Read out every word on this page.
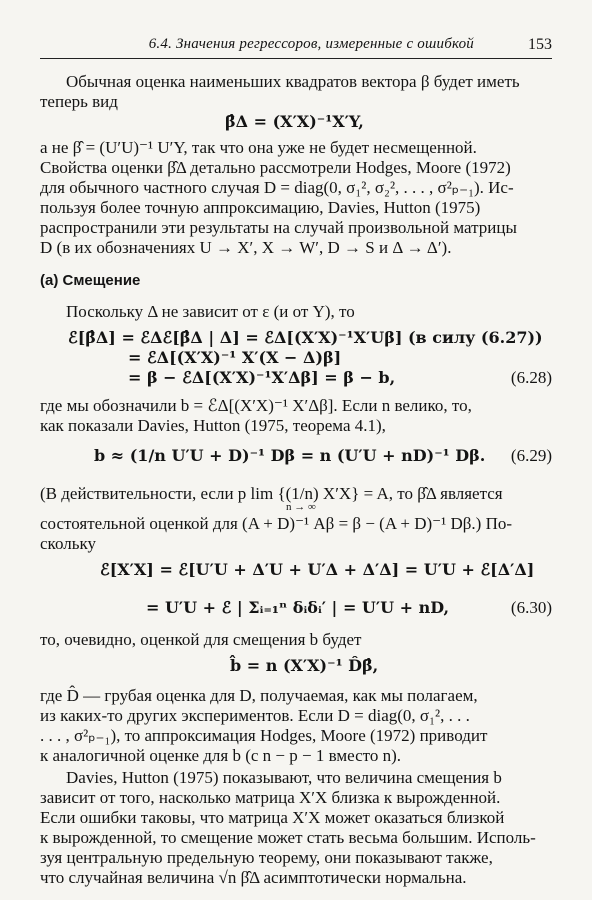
6.4. Значения регрессоров, измеренные с ошибкой	153
Обычная оценка наименьших квадратов вектора β будет иметь
теперь вид
β̂Δ = (X′X)⁻¹X′Y,
а не β̂ = (U′U)⁻¹ U′Y, так что она уже не будет несмещенной.
Свойства оценки β̂Δ детально рассмотрели Hodges, Moore (1972)
для обычного частного случая D = diag(0, σ₁², σ₂², . . . , σ²ₚ₋₁). Ис-
пользуя более точную аппроксимацию, Davies, Hutton (1975)
распространили эти результаты на случай произвольной матрицы
D (в их обозначениях U → X′, X → W′, D → S и Δ → Δ′).
(а) Смещение
Поскольку Δ не зависит от ε (и от Y), то
ℰ[β̂Δ] = ℰΔℰ[β̂Δ | Δ] = ℰΔ[(X′X)⁻¹X′Uβ] (в силу (6.27))
= ℰΔ[(X′X)⁻¹ X′(X − Δ)β]
= β − ℰΔ[(X′X)⁻¹X′Δβ] = β − b,	(6.28)
где мы обозначили b = ℰΔ[(X′X)⁻¹ X′Δβ]. Если n велико, то,
как показали Davies, Hutton (1975, теорема 4.1),
b ≈ (1/n U′U + D)⁻¹ Dβ = n (U′U + nD)⁻¹ Dβ. (6.29)
(В действительности, если p lim {(1/n) X′X} = A, то β̂Δ является
n → ∞
состоятельной оценкой для (A + D)⁻¹ Aβ = β − (A + D)⁻¹ Dβ.) По-
скольку
ℰ[X′X] = ℰ[U′U + Δ′U + U′Δ + Δ′Δ] = U′U + ℰ[Δ′Δ]
= U′U + ℰ | Σᵢ₌₁ⁿ δᵢδᵢ′ | = U′U + nD,	(6.30)
то, очевидно, оценкой для смещения b будет
b̂ = n (X′X)⁻¹ D̂β̂,
где D̂ — грубая оценка для D, получаемая, как мы полагаем,
из каких-то других экспериментов. Если D = diag(0, σ₁², . . .
. . . , σ²ₚ₋₁), то аппроксимация Hodges, Moore (1972) приводит
к аналогичной оценке для b (с n − p − 1 вместо n).
Davies, Hutton (1975) показывают, что величина смещения b
зависит от того, насколько матрица X′X близка к вырожденной.
Если ошибки таковы, что матрица X′X может оказаться близкой
к вырожденной, то смещение может стать весьма большим. Исполь-
зуя центральную предельную теорему, они показывают также,
что случайная величина √n β̂Δ асимптотически нормальна.
